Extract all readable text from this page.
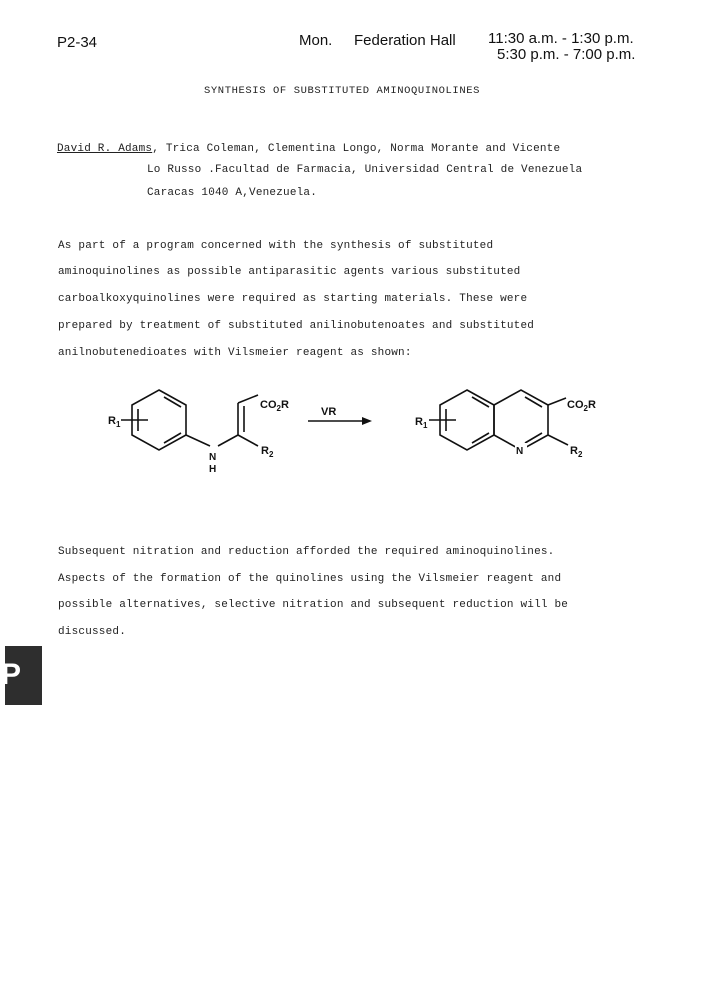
P2-34	Mon. Federation Hall 11:30 a.m. - 1:30 p.m.
5:30 p.m. - 7:00 p.m.
SYNTHESIS OF SUBSTITUTED AMINOQUINOLINES
David R. Adams, Trica Coleman, Clementina Longo, Norma Morante and Vicente
Lo Russo .Facultad de Farmacia, Universidad Central de Venezuela
Caracas 1040 A,Venezuela.
As part of a program concerned with the synthesis of substituted
aminoquinolines as possible antiparasitic agents various substituted
carboalkoxyquinolines were required as starting materials. These were
prepared by treatment of substituted anilinobutenoates and substituted
anilnobutenedioates with Vilsmeier reagent as shown:
$R_1$
N
H
$CO_2R$
$R_2$
VR
N
$R_1$
$CO_2R$
$R_2$
Subsequent nitration and reduction afforded the required aminoquinolines.
Aspects of the formation of the quinolines using the Vilsmeier reagent and
possible alternatives, selective nitration and subsequent reduction will be
discussed.
P
